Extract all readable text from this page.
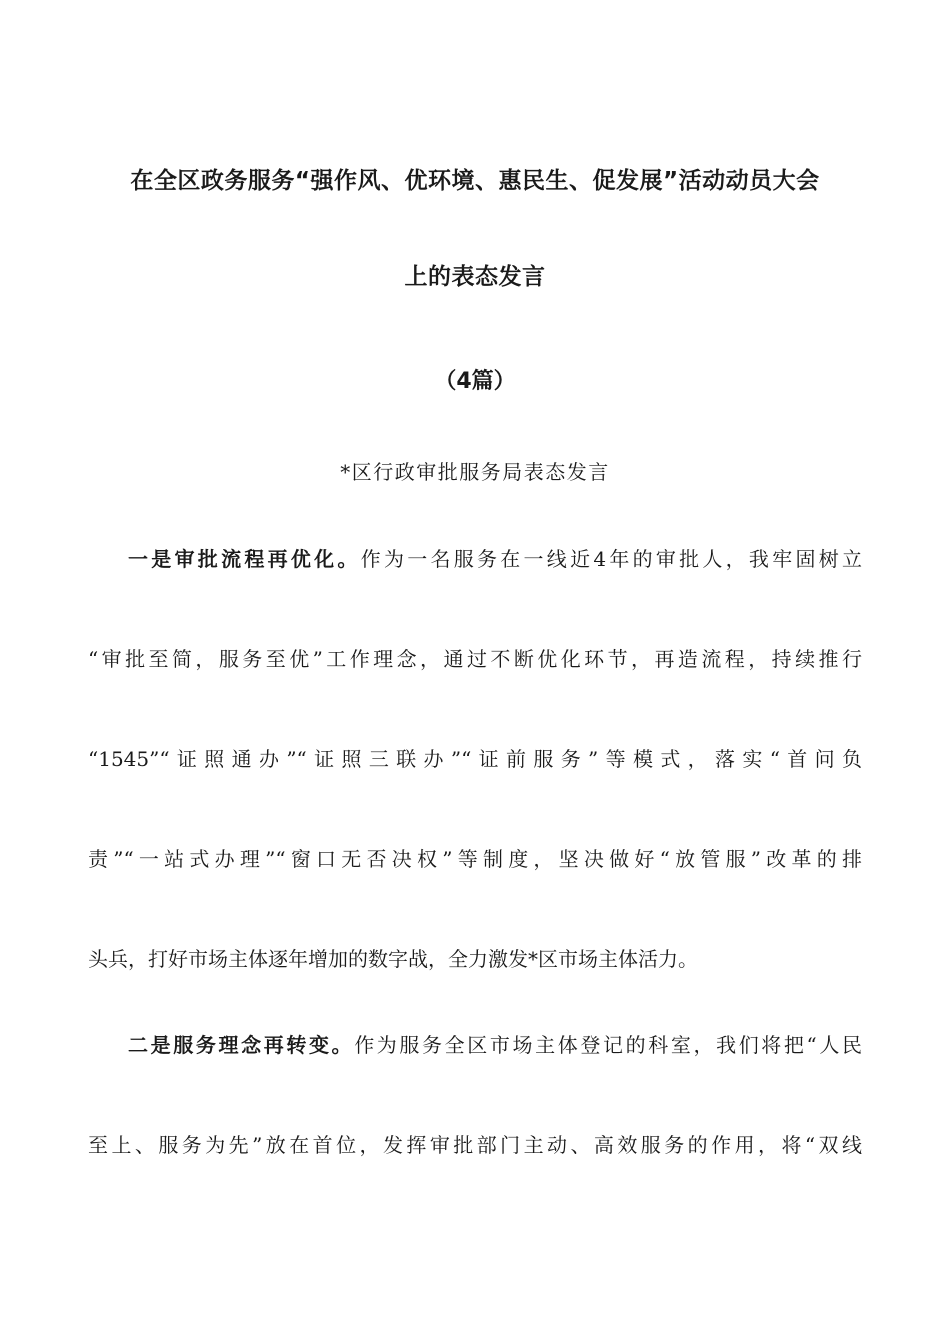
在全区政务服务“强作风、优环境、惠民生、促发展”活动动员大会
上的表态发言
（4篇）
*区行政审批服务局表态发言
一是审批流程再优化。作为一名服务在一线近4年的审批人，我牢固树立
“审批至简，服务至优”工作理念，通过不断优化环节，再造流程，持续推行
“1545”“证照通办”“证照三联办”“证前服务”等模式，落实“首问负
责”“一站式办理”“窗口无否决权”等制度，坚决做好“放管服”改革的排
头兵，打好市场主体逐年增加的数字战，全力激发*区市场主体活力。
二是服务理念再转变。作为服务全区市场主体登记的科室，我们将把“人民
至上、服务为先”放在首位，发挥审批部门主动、高效服务的作用，将“双线
